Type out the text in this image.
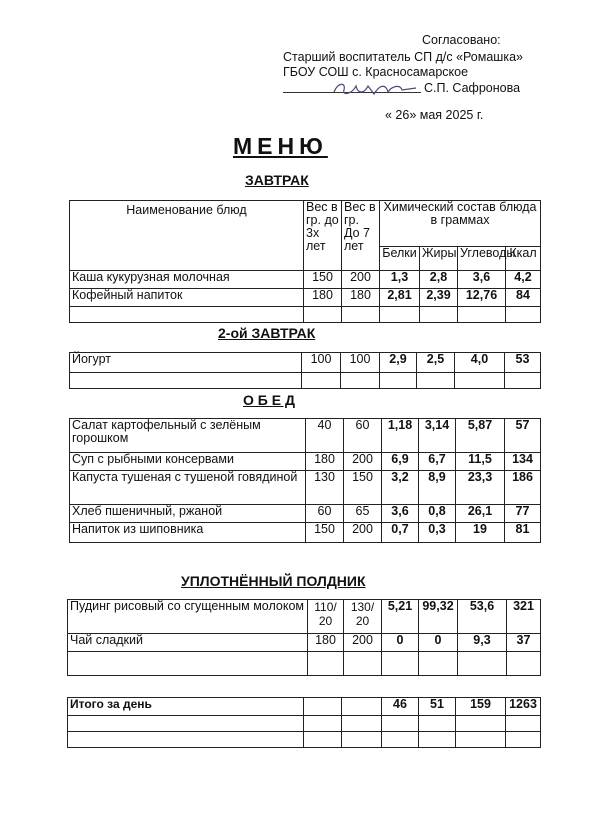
Согласовано:
Старший воспитатель СП д/с «Ромашка»
ГБОУ СОШ с. Красносамарское
С.П. Сафронова
« 26» мая 2025 г.
МЕНЮ
ЗАВТРАК
Наименование блюд	Вес в гр. до 3х лет	Вес в гр. До 7 лет	Химический состав блюда в граммах			
			Белки	Жиры	Углеводы	Ккал
Каша кукурузная молочная	150	200	1,3	2,8	3,6	4,2
Кофейный напиток	180	180	2,81	2,39	12,76	84

2-ой ЗАВТРАК
Йогурт	100	100	2,9	2,5	4,0	53

О Б Е Д
Салат картофельный с зелёным горошком	40	60	1,18	3,14	5,87	57
Суп с рыбными консервами	180	200	6,9	6,7	11,5	134
Капуста тушеная с тушеной говядиной	130	150	3,2	8,9	23,3	186
Хлеб пшеничный, ржаной	60	65	3,6	0,8	26,1	77
Напиток из шиповника	150	200	0,7	0,3	19	81
УПЛОТНЁННЫЙ ПОЛДНИК
Пудинг рисовый со сгущенным молоком	110/ 20	130/ 20	5,21	99,32	53,6	321
Чай сладкий	180	200	0	0	9,3	37

Итого за день			46	51	159	1263
